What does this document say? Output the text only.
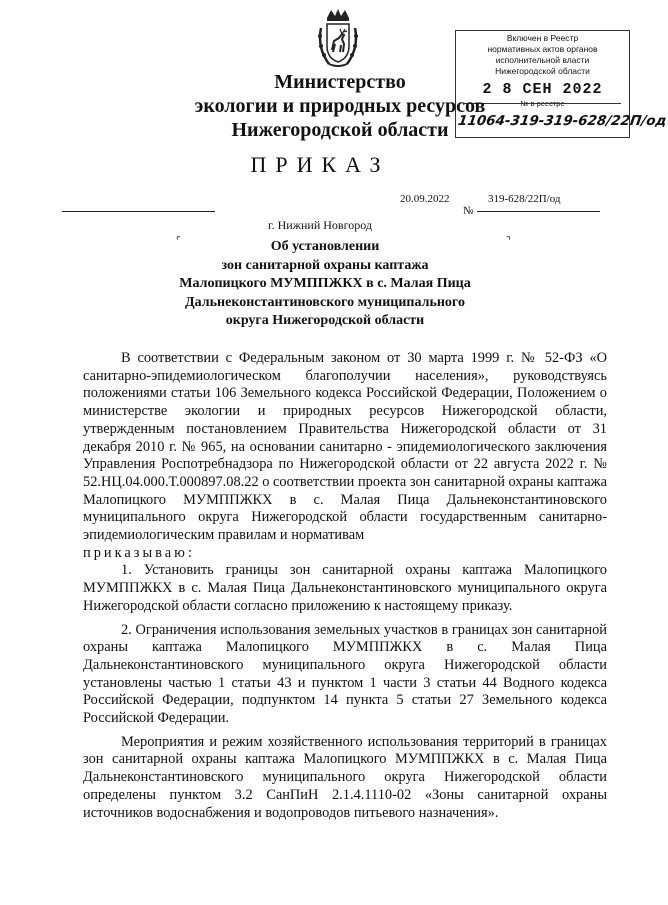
Включен в Реестр
нормативных актов органов
исполнительной власти
Нижегородской области
2 8 СЕН 2022
11064-319-319-628/22П/од
Министерство
экологии и природных ресурсов
Нижегородской области
ПРИКАЗ
20.09.2022
№
319-628/22П/од
г. Нижний Новгород
⌜	⌝
Об установлении
зон санитарной охраны каптажа
Малопицкого МУМППЖКХ в с. Малая Пица
Дальнеконстантиновского муниципального
округа Нижегородской области

В соответствии с Федеральным законом от 30 марта 1999 г. № 52-ФЗ «О санитарно-эпидемиологическом благополучии населения», руководствуясь положениями статьи 106 Земельного кодекса Российской Федерации, Положением о министерстве экологии и природных ресурсов Нижегородской области, утвержденным постановлением Правительства Нижегородской области от 31 декабря 2010 г. № 965, на основании санитарно - эпидемиологического заключения Управления Роспотребнадзора по Нижегородской области от 22 августа 2022 г. № 52.НЦ.04.000.Т.000897.08.22 о соответствии проекта зон санитарной охраны каптажа Малопицкого МУМППЖКХ в с. Малая Пица Дальнеконстантиновского муниципального округа Нижегородской области государственным санитарно-эпидемиологическим правилам и нормативам

приказываю:

1. Установить границы зон санитарной охраны каптажа Малопицкого МУМППЖКХ в с. Малая Пица Дальнеконстантиновского муниципального округа Нижегородской области согласно приложению к настоящему приказу.

2. Ограничения использования земельных участков в границах зон санитарной охраны каптажа Малопицкого МУМППЖКХ в с. Малая Пица Дальнеконстантиновского муниципального округа Нижегородской области установлены частью 1 статьи 43 и пунктом 1 части 3 статьи 44 Водного кодекса Российской Федерации, подпунктом 14 пункта 5 статьи 27 Земельного кодекса Российской Федерации.

Мероприятия и режим хозяйственного использования территорий в границах зон санитарной охраны каптажа Малопицкого МУМППЖКХ в с. Малая Пица Дальнеконстантиновского муниципального округа Нижегородской области определены пунктом 3.2 СанПиН 2.1.4.1110-02 «Зоны санитарной охраны источников водоснабжения и водопроводов питьевого назначения».
